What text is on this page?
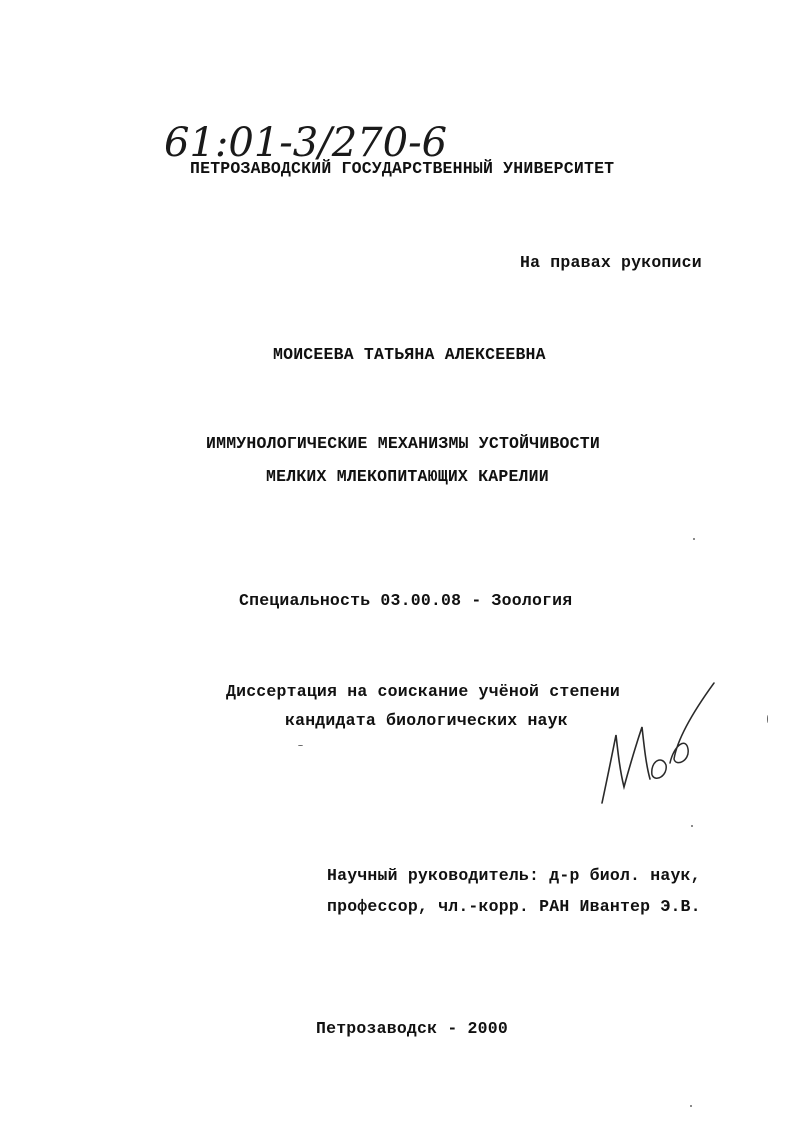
61:01-3/270-6
ПЕТРОЗАВОДСКИЙ ГОСУДАРСТВЕННЫЙ УНИВЕРСИТЕТ
На правах рукописи
МОИСЕЕВА ТАТЬЯНА АЛЕКСЕЕВНА
ИММУНОЛОГИЧЕСКИЕ МЕХАНИЗМЫ УСТОЙЧИВОСТИ
МЕЛКИХ МЛЕКОПИТАЮЩИХ КАРЕЛИИ
Специальность 03.00.08 - Зоология
Диссертация на соискание учёной степени
кандидата биологических наук
Научный руководитель: д-р биол. наук,
профессор, чл.-корр. РАН Ивантер Э.В.
Петрозаводск - 2000
